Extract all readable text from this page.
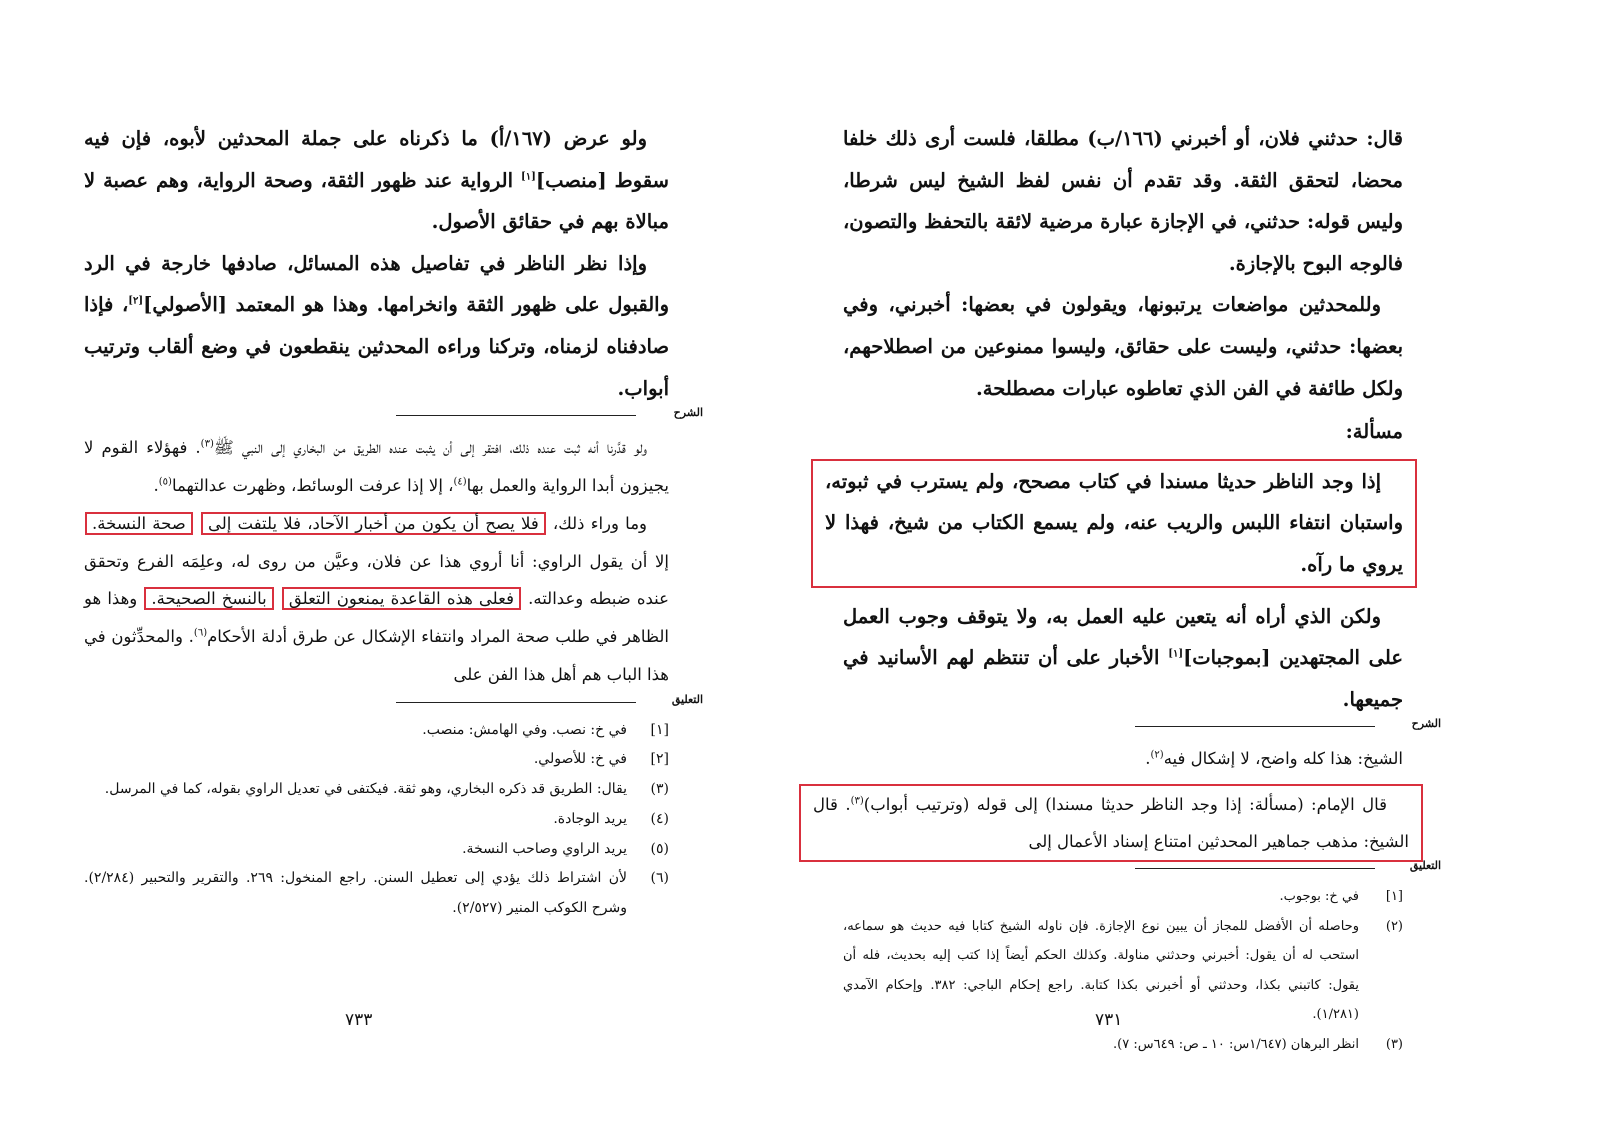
ولو عرض (١٦٧/أ) ما ذكرناه على جملة المحدثين لأبوه، فإن فيه سقوط [منصب][١] الرواية عند ظهور الثقة، وصحة الرواية، وهم عصبة لا مبالاة بهم في حقائق الأصول.

وإذا نظر الناظر في تفاصيل هذه المسائل، صادفها خارجة في الرد والقبول على ظهور الثقة وانخرامها. وهذا هو المعتمد [الأصولي][٢]، فإذا صادفناه لزمناه، وتركنا وراءه المحدثين ينقطعون في وضع ألقاب وترتيب أبواب.

الشرح

ولو قدَّرنا أنه ثبت عنده ذلك، افتقر إلى أن يثبت عنده الطريق من البخاري إلى النبي ﷺ$^{(٣)}$. فهؤلاء القوم لا يجيزون أبدا الرواية والعمل بها$^{(٤)}$، إلا إذا عرفت الوسائط، وظهرت عدالتهما$^{(٥)}$.

وما وراء ذلك، فلا يصح أن يكون من أخبار الآحاد، فلا يلتفت إلى صحة النسخة. إلا أن يقول الراوي: أنا أروي هذا عن فلان، وعيَّن من روى له، وعلِمَه الفرع وتحقق عنده ضبطه وعدالته. فعلى هذه القاعدة يمنعون التعلق بالنسخ الصحيحة. وهذا هو الظاهر في طلب صحة المراد وانتفاء الإشكال عن طرق أدلة الأحكام$^{(٦)}$. والمحدِّثون في هذا الباب هم أهل هذا الفن على

التعليق
[١]
في خ: نصب. وفي الهامش: منصب.
[٢]
في خ: للأصولي.
(٣)
يقال: الطريق قد ذكره البخاري، وهو ثقة. فيكتفى في تعديل الراوي بقوله، كما في المرسل.
(٤)
يريد الوجادة.
(٥)
يريد الراوي وصاحب النسخة.
(٦)
لأن اشتراط ذلك يؤدي إلى تعطيل السنن. راجع المنخول: ٢٦٩. والتقرير والتحبير (٢/٢٨٤). وشرح الكوكب المنير (٢/٥٢٧).
٧٣٣

قال: حدثني فلان، أو أخبرني (١٦٦/ب) مطلقا، فلست أرى ذلك خلفا محضا، لتحقق الثقة. وقد تقدم أن نفس لفظ الشيخ ليس شرطا، وليس قوله: حدثني، في الإجازة عبارة مرضية لائقة بالتحفظ والتصون، فالوجه البوح بالإجازة.

وللمحدثين مواضعات يرتبونها، ويقولون في بعضها: أخبرني، وفي بعضها: حدثني، وليست على حقائق، وليسوا ممنوعين من اصطلاحهم، ولكل طائفة في الفن الذي تعاطوه عبارات مصطلحة.

مسألة:

إذا وجد الناظر حديثا مسندا في كتاب مصحح، ولم يسترب في ثبوته، واستبان انتفاء اللبس والريب عنه، ولم يسمع الكتاب من شيخ، فهذا لا يروي ما رآه.

ولكن الذي أراه أنه يتعين عليه العمل به، ولا يتوقف وجوب العمل على المجتهدين [بموجبات][١] الأخبار على أن تنتظم لهم الأسانيد في جميعها.

الشرح

الشيخ: هذا كله واضح، لا إشكال فيه$^{(٢)}$.

قال الإمام: (مسألة: إذا وجد الناظر حديثا مسندا) إلى قوله (وترتيب أبواب)$^{(٣)}$. قال الشيخ: مذهب جماهير المحدثين امتناع إسناد الأعمال إلى

التعليق
[١]
في خ: بوجوب.
(٢)
وحاصله أن الأفضل للمجاز أن يبين نوع الإجازة. فإن ناوله الشيخ كتابا فيه حديث هو سماعه، استحب له أن يقول: أخبرني وحدثني مناولة. وكذلك الحكم أيضاً إذا كتب إليه بحديث، فله أن يقول: كاتبني بكذا، وحدثني أو أخبرني بكذا كتابة. راجع إحكام الباجي: ٣٨٢. وإحكام الآمدي (١/٢٨١).
(٣)
انظر البرهان (١/٦٤٧س: ١٠ ـ ص: ٦٤٩س: ٧).
٧٣١
